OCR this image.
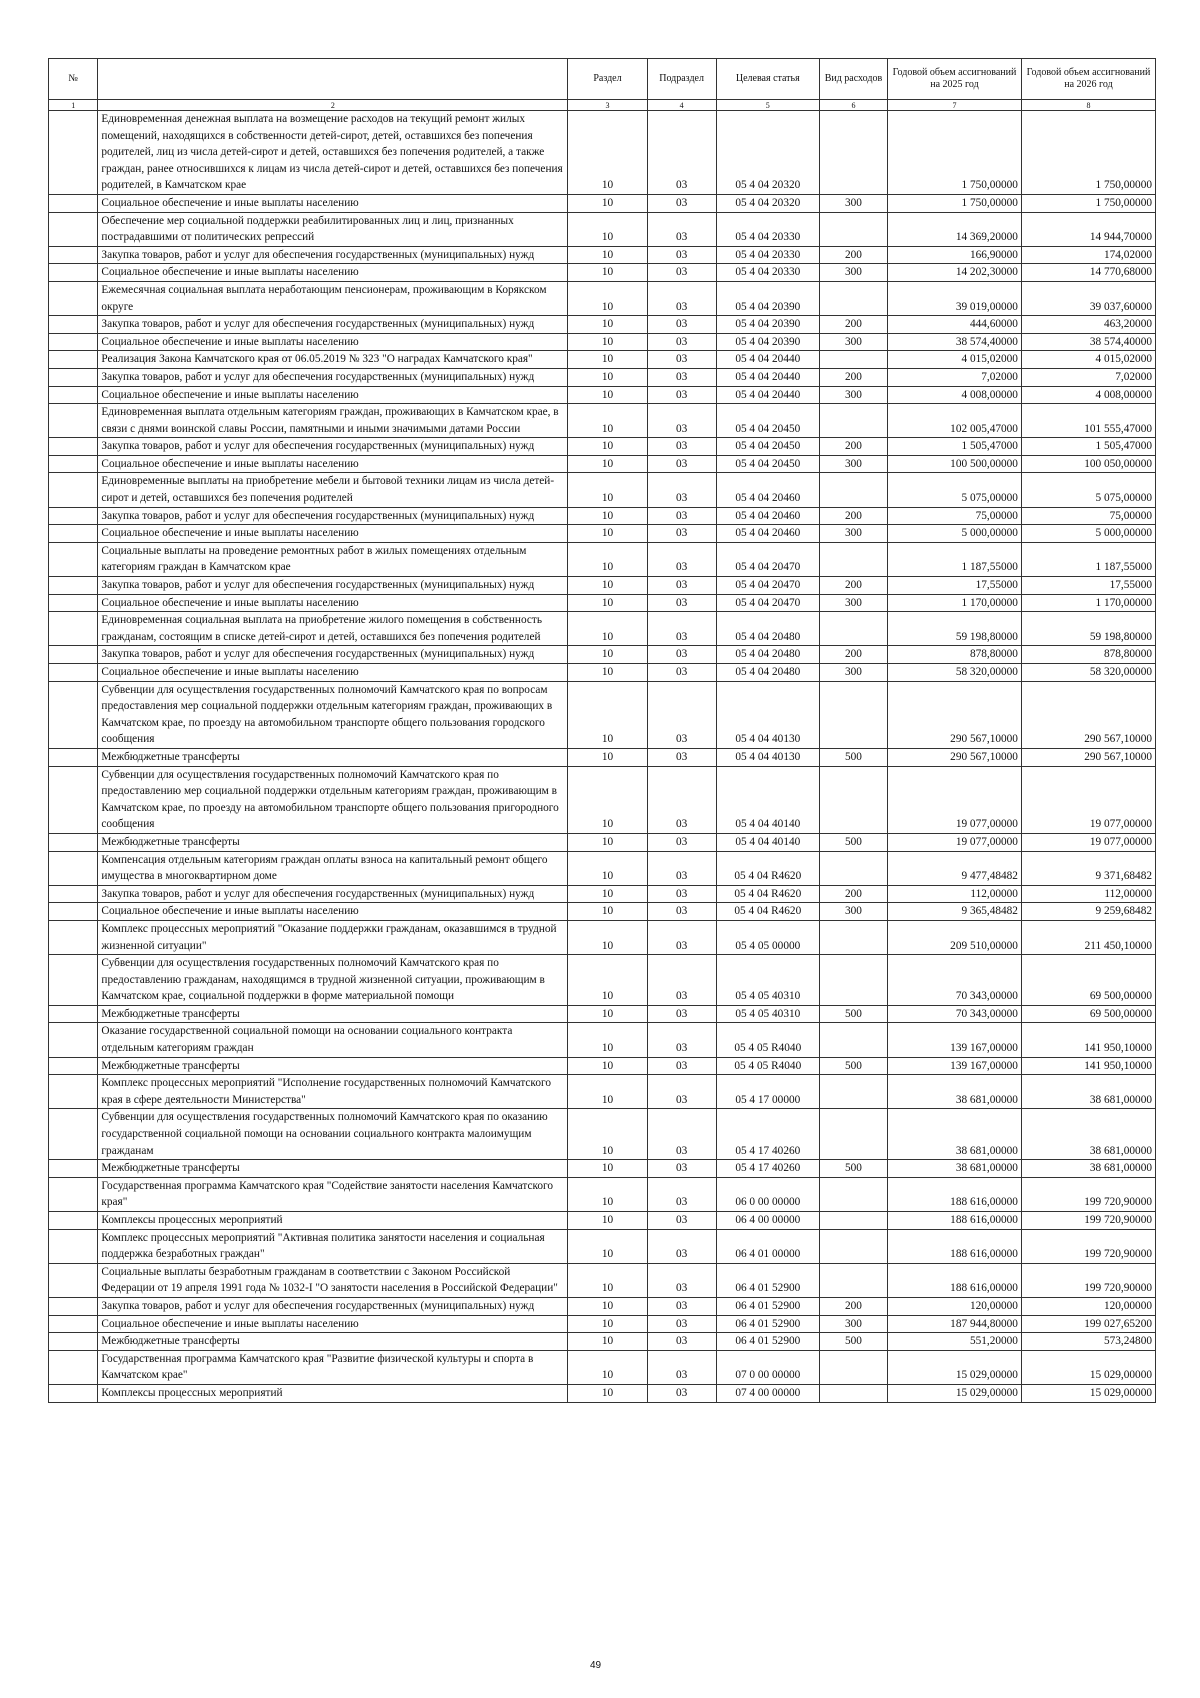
№		Раздел	Подраздел	Целевая статья	Вид расходов	Годовой объем ассигнований на 2025 год	Годовой объем ассигнований на 2026 год
1	2	3	4	5	6	7	8
	Единовременная денежная выплата на возмещение расходов на текущий ремонт жилых помещений, находящихся в собственности детей-сирот, детей, оставшихся без попечения родителей, лиц из числа детей-сирот и детей, оставшихся без попечения родителей, а также граждан, ранее относившихся к лицам из числа детей-сирот и детей, оставшихся без попечения родителей, в Камчатском крае	10	03	05 4 04 20320		1 750,00000	1 750,00000
	Социальное обеспечение и иные выплаты населению	10	03	05 4 04 20320	300	1 750,00000	1 750,00000
	Обеспечение мер социальной поддержки реабилитированных лиц и лиц, признанных пострадавшими от политических репрессий	10	03	05 4 04 20330		14 369,20000	14 944,70000
	Закупка товаров, работ и услуг для обеспечения государственных (муниципальных) нужд	10	03	05 4 04 20330	200	166,90000	174,02000
	Социальное обеспечение и иные выплаты населению	10	03	05 4 04 20330	300	14 202,30000	14 770,68000
	Ежемесячная социальная выплата неработающим пенсионерам, проживающим в Корякском округе	10	03	05 4 04 20390		39 019,00000	39 037,60000
	Закупка товаров, работ и услуг для обеспечения государственных (муниципальных) нужд	10	03	05 4 04 20390	200	444,60000	463,20000
	Социальное обеспечение и иные выплаты населению	10	03	05 4 04 20390	300	38 574,40000	38 574,40000
	Реализация Закона Камчатского края от 06.05.2019 № 323 "О наградах Камчатского края"	10	03	05 4 04 20440		4 015,02000	4 015,02000
	Закупка товаров, работ и услуг для обеспечения государственных (муниципальных) нужд	10	03	05 4 04 20440	200	7,02000	7,02000
	Социальное обеспечение и иные выплаты населению	10	03	05 4 04 20440	300	4 008,00000	4 008,00000
	Единовременная выплата отдельным категориям граждан, проживающих в Камчатском крае, в связи с днями воинской славы России, памятными и иными значимыми датами России	10	03	05 4 04 20450		102 005,47000	101 555,47000
	Закупка товаров, работ и услуг для обеспечения государственных (муниципальных) нужд	10	03	05 4 04 20450	200	1 505,47000	1 505,47000
	Социальное обеспечение и иные выплаты населению	10	03	05 4 04 20450	300	100 500,00000	100 050,00000
	Единовременные выплаты на приобретение мебели и бытовой техники лицам из числа детей-сирот и детей, оставшихся без попечения родителей	10	03	05 4 04 20460		5 075,00000	5 075,00000
	Закупка товаров, работ и услуг для обеспечения государственных (муниципальных) нужд	10	03	05 4 04 20460	200	75,00000	75,00000
	Социальное обеспечение и иные выплаты населению	10	03	05 4 04 20460	300	5 000,00000	5 000,00000
	Социальные выплаты на проведение ремонтных работ в жилых помещениях отдельным категориям граждан в Камчатском крае	10	03	05 4 04 20470		1 187,55000	1 187,55000
	Закупка товаров, работ и услуг для обеспечения государственных (муниципальных) нужд	10	03	05 4 04 20470	200	17,55000	17,55000
	Социальное обеспечение и иные выплаты населению	10	03	05 4 04 20470	300	1 170,00000	1 170,00000
	Единовременная социальная выплата на приобретение жилого помещения в собственность гражданам, состоящим в списке детей-сирот и детей, оставшихся без попечения родителей	10	03	05 4 04 20480		59 198,80000	59 198,80000
	Закупка товаров, работ и услуг для обеспечения государственных (муниципальных) нужд	10	03	05 4 04 20480	200	878,80000	878,80000
	Социальное обеспечение и иные выплаты населению	10	03	05 4 04 20480	300	58 320,00000	58 320,00000
	Субвенции для осуществления государственных полномочий Камчатского края по вопросам предоставления мер социальной поддержки отдельным категориям граждан, проживающих в Камчатском крае, по проезду на автомобильном транспорте общего пользования городского сообщения	10	03	05 4 04 40130		290 567,10000	290 567,10000
	Межбюджетные трансферты	10	03	05 4 04 40130	500	290 567,10000	290 567,10000
	Субвенции для осуществления государственных полномочий Камчатского края по предоставлению мер социальной поддержки отдельным категориям граждан, проживающим в Камчатском крае, по проезду на автомобильном транспорте общего пользования пригородного сообщения	10	03	05 4 04 40140		19 077,00000	19 077,00000
	Межбюджетные трансферты	10	03	05 4 04 40140	500	19 077,00000	19 077,00000
	Компенсация отдельным категориям граждан оплаты взноса на капитальный ремонт общего имущества в многоквартирном доме	10	03	05 4 04 R4620		9 477,48482	9 371,68482
	Закупка товаров, работ и услуг для обеспечения государственных (муниципальных) нужд	10	03	05 4 04 R4620	200	112,00000	112,00000
	Социальное обеспечение и иные выплаты населению	10	03	05 4 04 R4620	300	9 365,48482	9 259,68482
	Комплекс процессных мероприятий "Оказание поддержки гражданам, оказавшимся в трудной жизненной ситуации"	10	03	05 4 05 00000		209 510,00000	211 450,10000
	Субвенции для осуществления государственных полномочий Камчатского края по предоставлению гражданам, находящимся в трудной жизненной ситуации, проживающим в Камчатском крае, социальной поддержки в форме материальной помощи	10	03	05 4 05 40310		70 343,00000	69 500,00000
	Межбюджетные трансферты	10	03	05 4 05 40310	500	70 343,00000	69 500,00000
	Оказание государственной социальной помощи на основании социального контракта отдельным категориям граждан	10	03	05 4 05 R4040		139 167,00000	141 950,10000
	Межбюджетные трансферты	10	03	05 4 05 R4040	500	139 167,00000	141 950,10000
	Комплекс процессных мероприятий "Исполнение государственных полномочий Камчатского края в сфере деятельности Министерства"	10	03	05 4 17 00000		38 681,00000	38 681,00000
	Субвенции для осуществления государственных полномочий Камчатского края по оказанию государственной социальной помощи на основании социального контракта малоимущим гражданам	10	03	05 4 17 40260		38 681,00000	38 681,00000
	Межбюджетные трансферты	10	03	05 4 17 40260	500	38 681,00000	38 681,00000
	Государственная программа Камчатского края "Содействие занятости населения Камчатского края"	10	03	06 0 00 00000		188 616,00000	199 720,90000
	Комплексы процессных мероприятий	10	03	06 4 00 00000		188 616,00000	199 720,90000
	Комплекс процессных мероприятий "Активная политика занятости населения и социальная поддержка безработных граждан"	10	03	06 4 01 00000		188 616,00000	199 720,90000
	Социальные выплаты безработным гражданам в соответствии с Законом Российской Федерации от 19 апреля 1991 года № 1032-I "О занятости населения в Российской Федерации"	10	03	06 4 01 52900		188 616,00000	199 720,90000
	Закупка товаров, работ и услуг для обеспечения государственных (муниципальных) нужд	10	03	06 4 01 52900	200	120,00000	120,00000
	Социальное обеспечение и иные выплаты населению	10	03	06 4 01 52900	300	187 944,80000	199 027,65200
	Межбюджетные трансферты	10	03	06 4 01 52900	500	551,20000	573,24800
	Государственная программа Камчатского края "Развитие физической культуры и спорта в Камчатском крае"	10	03	07 0 00 00000		15 029,00000	15 029,00000
	Комплексы процессных мероприятий	10	03	07 4 00 00000		15 029,00000	15 029,00000
49
